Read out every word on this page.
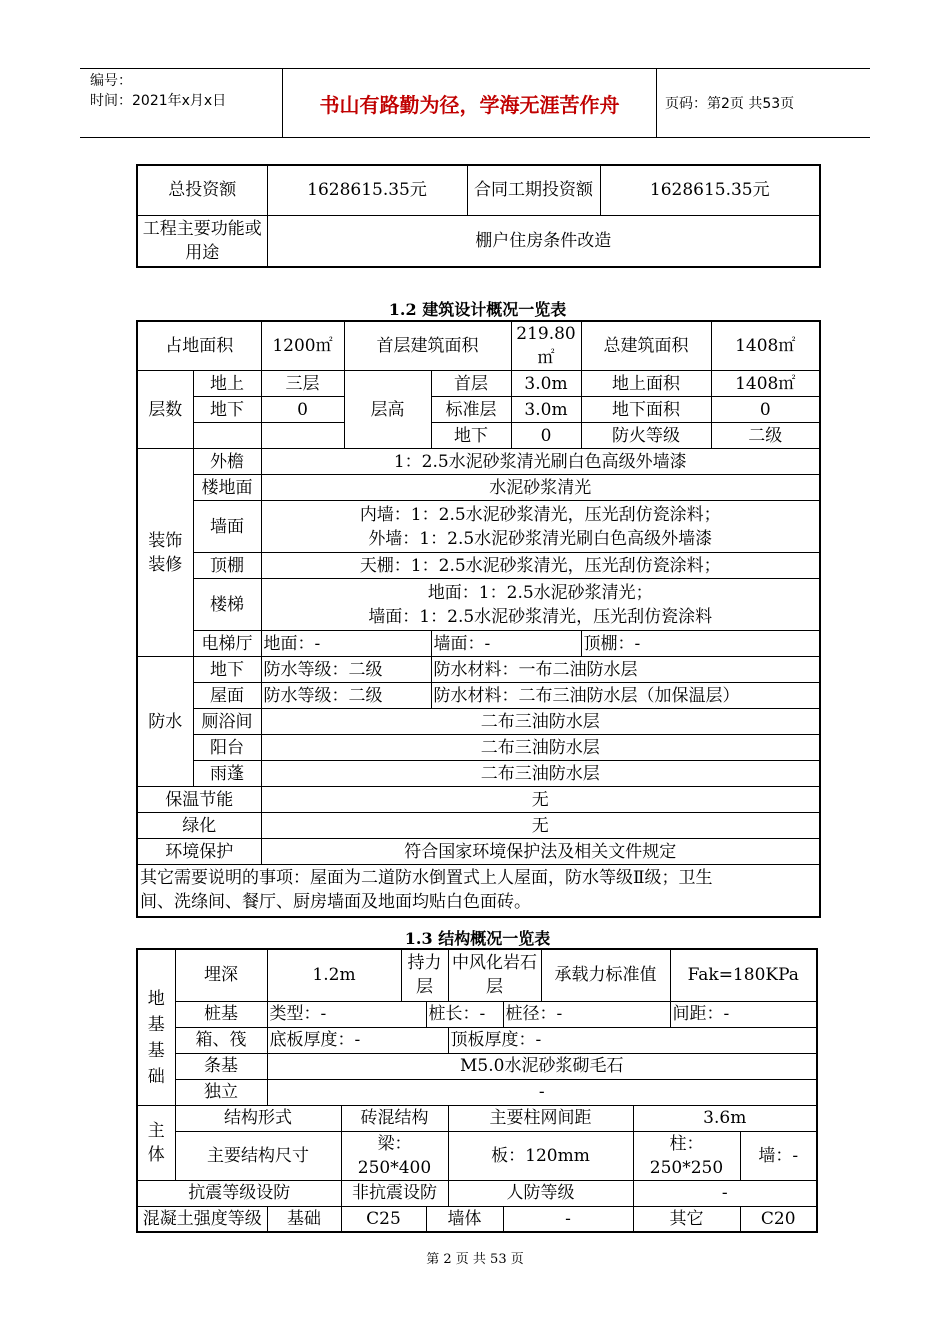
编号：
时间：2021年x月x日	书山有路勤为径，学海无涯苦作舟	页码：第2页 共53页
总投资额	1628615.35元	合同工期投资额	1628615.35元
工程主要功能或用途	棚户住房条件改造		
1.2 建筑设计概况一览表
占地面积		1200㎡	首层建筑面积		219.80㎡	总建筑面积	1408㎡
层数	地上	三层	层高	首层	3.0m	地上面积	1408㎡
	地下	0		标准层	3.0m	地下面积	0
				地下	0	防火等级	二级
装饰装修	外檐	1：2.5水泥砂浆清光刷白色高级外墙漆					
	楼地面	水泥砂浆清光					
	墙面	内墙：1：2.5水泥砂浆清光，压光刮仿瓷涂料；
外墙：1：2.5水泥砂浆清光刷白色高级外墙漆					

	顶棚	天棚：1：2.5水泥砂浆清光，压光刮仿瓷涂料；					
	楼梯	地面：1：2.5水泥砂浆清光；
墙面：1：2.5水泥砂浆清光，压光刮仿瓷涂料					

	电梯厅	地面：-		墙面：-		顶棚：-	
防水	地下	防水等级：二级		防水材料：一布二油防水层			
	屋面	防水等级：二级		防水材料：二布三油防水层（加保温层）			
	厕浴间	二布三油防水层					
	阳台	二布三油防水层					
	雨蓬	二布三油防水层					
保温节能		无					
绿化		无					
环境保护		符合国家环境保护法及相关文件规定					

其它需要说明的事项：屋面为二道防水倒置式上人屋面，防水等级Ⅱ级；卫生
间、洗绦间、餐厅、厨房墙面及地面均贴白色面砖。							
1.3 结构概况一览表
地基基础	埋深	1.2m		持力层		中风化岩石层		承载力标准值		Fak=180KPa	
	桩基	类型：-			桩长：-		桩径：-			间距：-	
	箱、筏	底板厚度：-				顶板厚度：-					
	条基	M5.0水泥砂浆砌毛石									
	独立	-									

主体	结构形式		砖混结构			主要柱网间距			3.6m		
	主要结构尺寸		梁：250*400			板：120mm			柱：250*250		墙：-
抗震等级设防			非抗震设防			人防等级			-		
混凝土强度等级		基础	C25		墙体		-		其它		C20
第 2 页 共 53 页
